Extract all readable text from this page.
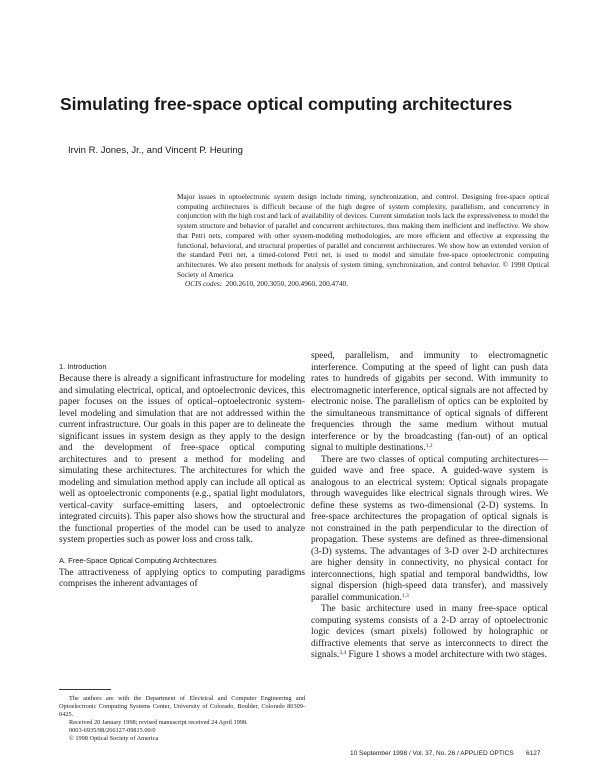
Simulating free-space optical computing architectures
Irvin R. Jones, Jr., and Vincent P. Heuring

Major issues in optoelectronic system design include timing, synchronization, and control. Designing free-space optical computing architectures is difficult because of the high degree of system complexity, parallelism, and concurrency in conjunction with the high cost and lack of availability of devices. Current simulation tools lack the expressiveness to model the system structure and behavior of parallel and concurrent architectures, thus making them inefficient and ineffective. We show that Petri nets, compared with other system-modeling methodologies, are more efficient and effective at expressing the functional, behavioral, and structural properties of parallel and concurrent architectures. We show how an extended version of the standard Petri net, a timed-colored Petri net, is used to model and simulate free-space optoelectronic computing architectures. We also present methods for analysis of system timing, synchronization, and control behavior. © 1998 Optical Society of America

OCIS codes: 200.2610, 200.3050, 200.4960, 200.4740.

1. Introduction

Because there is already a significant infrastructure for modeling and simulating electrical, optical, and optoelectronic devices, this paper focuses on the issues of optical–optoelectronic system-level modeling and simulation that are not addressed within the current infrastructure. Our goals in this paper are to delineate the significant issues in system design as they apply to the design and the development of free-space optical computing architectures and to present a method for modeling and simulating these architectures. The architectures for which the modeling and simulation method apply can include all optical as well as optoelectronic components (e.g., spatial light modulators, vertical-cavity surface-emitting lasers, and optoelectronic integrated circuits). This paper also shows how the structural and the functional properties of the model can be used to analyze system properties such as power loss and cross talk.

A. Free-Space Optical Computing Architectures

The attractiveness of applying optics to computing paradigms comprises the inherent advantages of

speed, parallelism, and immunity to electromagnetic interference. Computing at the speed of light can push data rates to hundreds of gigabits per second. With immunity to electromagnetic interference, optical signals are not affected by electronic noise. The parallelism of optics can be exploited by the simultaneous transmittance of optical signals of different frequencies through the same medium without mutual interference or by the broadcasting (fan-out) of an optical signal to multiple destinations.$^{1,2}$

There are two classes of optical computing architectures—guided wave and free space. A guided-wave system is analogous to an electrical system: Optical signals propagate through waveguides like electrical signals through wires. We define these systems as two-dimensional (2-D) systems. In free-space architectures the propagation of optical signals is not constrained in the path perpendicular to the direction of propagation. These systems are defined as three-dimensional (3-D) systems. The advantages of 3-D over 2-D architectures are higher density in connectivity, no physical contact for interconnections, high spatial and temporal bandwidths, low signal dispersion (high-speed data transfer), and massively parallel communication.$^{1,3}$

The basic architecture used in many free-space optical computing systems consists of a 2-D array of optoelectronic logic devices (smart pixels) followed by holographic or diffractive elements that serve as interconnects to direct the signals.$^{3,4}$ Figure 1 shows a model architecture with two stages.

The authors are with the Department of Electrical and Computer Engineering and Optoelectronic Computing Systems Center, University of Colorado, Boulder, Colorado 80309-0425.

Received 20 January 1998; revised manuscript received 24 April 1998.

0003-6935/98/266127-09815.00/0

© 1998 Optical Society of America

10 September 1998 / Vol. 37, No. 26 / APPLIED OPTICS 6127
